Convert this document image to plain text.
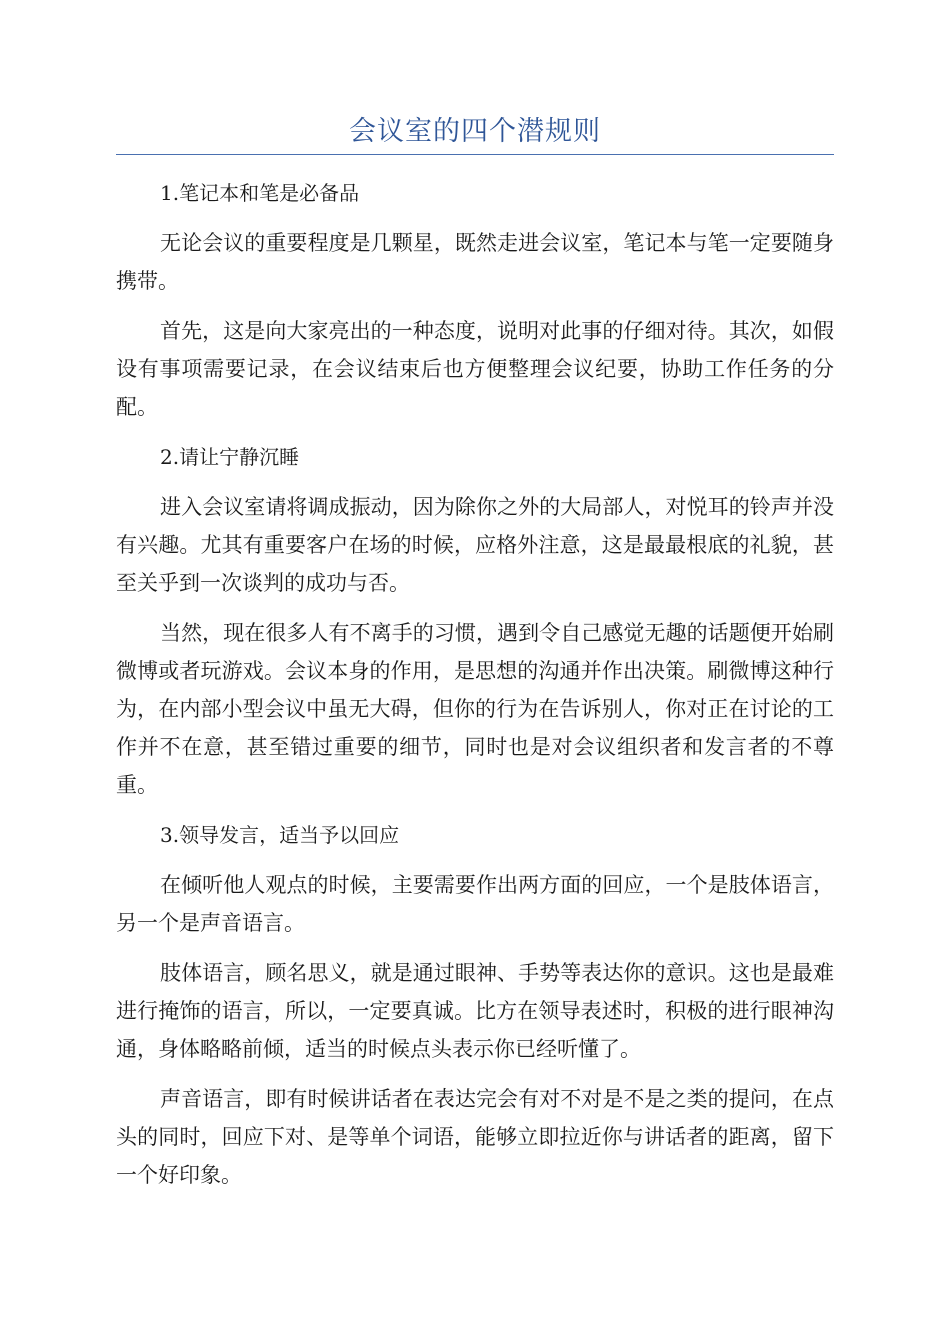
会议室的四个潜规则

1.笔记本和笔是必备品

无论会议的重要程度是几颗星，既然走进会议室，笔记本与笔一定要随身携带。

首先，这是向大家亮出的一种态度，说明对此事的仔细对待。其次，如假设有事项需要记录，在会议结束后也方便整理会议纪要，协助工作任务的分配。

2.请让宁静沉睡

进入会议室请将调成振动，因为除你之外的大局部人，对悦耳的铃声并没有兴趣。尤其有重要客户在场的时候，应格外注意，这是最最根底的礼貌，甚至关乎到一次谈判的成功与否。

当然，现在很多人有不离手的习惯，遇到令自己感觉无趣的话题便开始刷微博或者玩游戏。会议本身的作用，是思想的沟通并作出决策。刷微博这种行为，在内部小型会议中虽无大碍，但你的行为在告诉别人，你对正在讨论的工作并不在意，甚至错过重要的细节，同时也是对会议组织者和发言者的不尊重。

3.领导发言，适当予以回应

在倾听他人观点的时候，主要需要作出两方面的回应，一个是肢体语言，另一个是声音语言。

肢体语言，顾名思义，就是通过眼神、手势等表达你的意识。这也是最难进行掩饰的语言，所以，一定要真诚。比方在领导表述时，积极的进行眼神沟通，身体略略前倾，适当的时候点头表示你已经听懂了。

声音语言，即有时候讲话者在表达完会有对不对是不是之类的提问，在点头的同时，回应下对、是等单个词语，能够立即拉近你与讲话者的距离，留下一个好印象。
